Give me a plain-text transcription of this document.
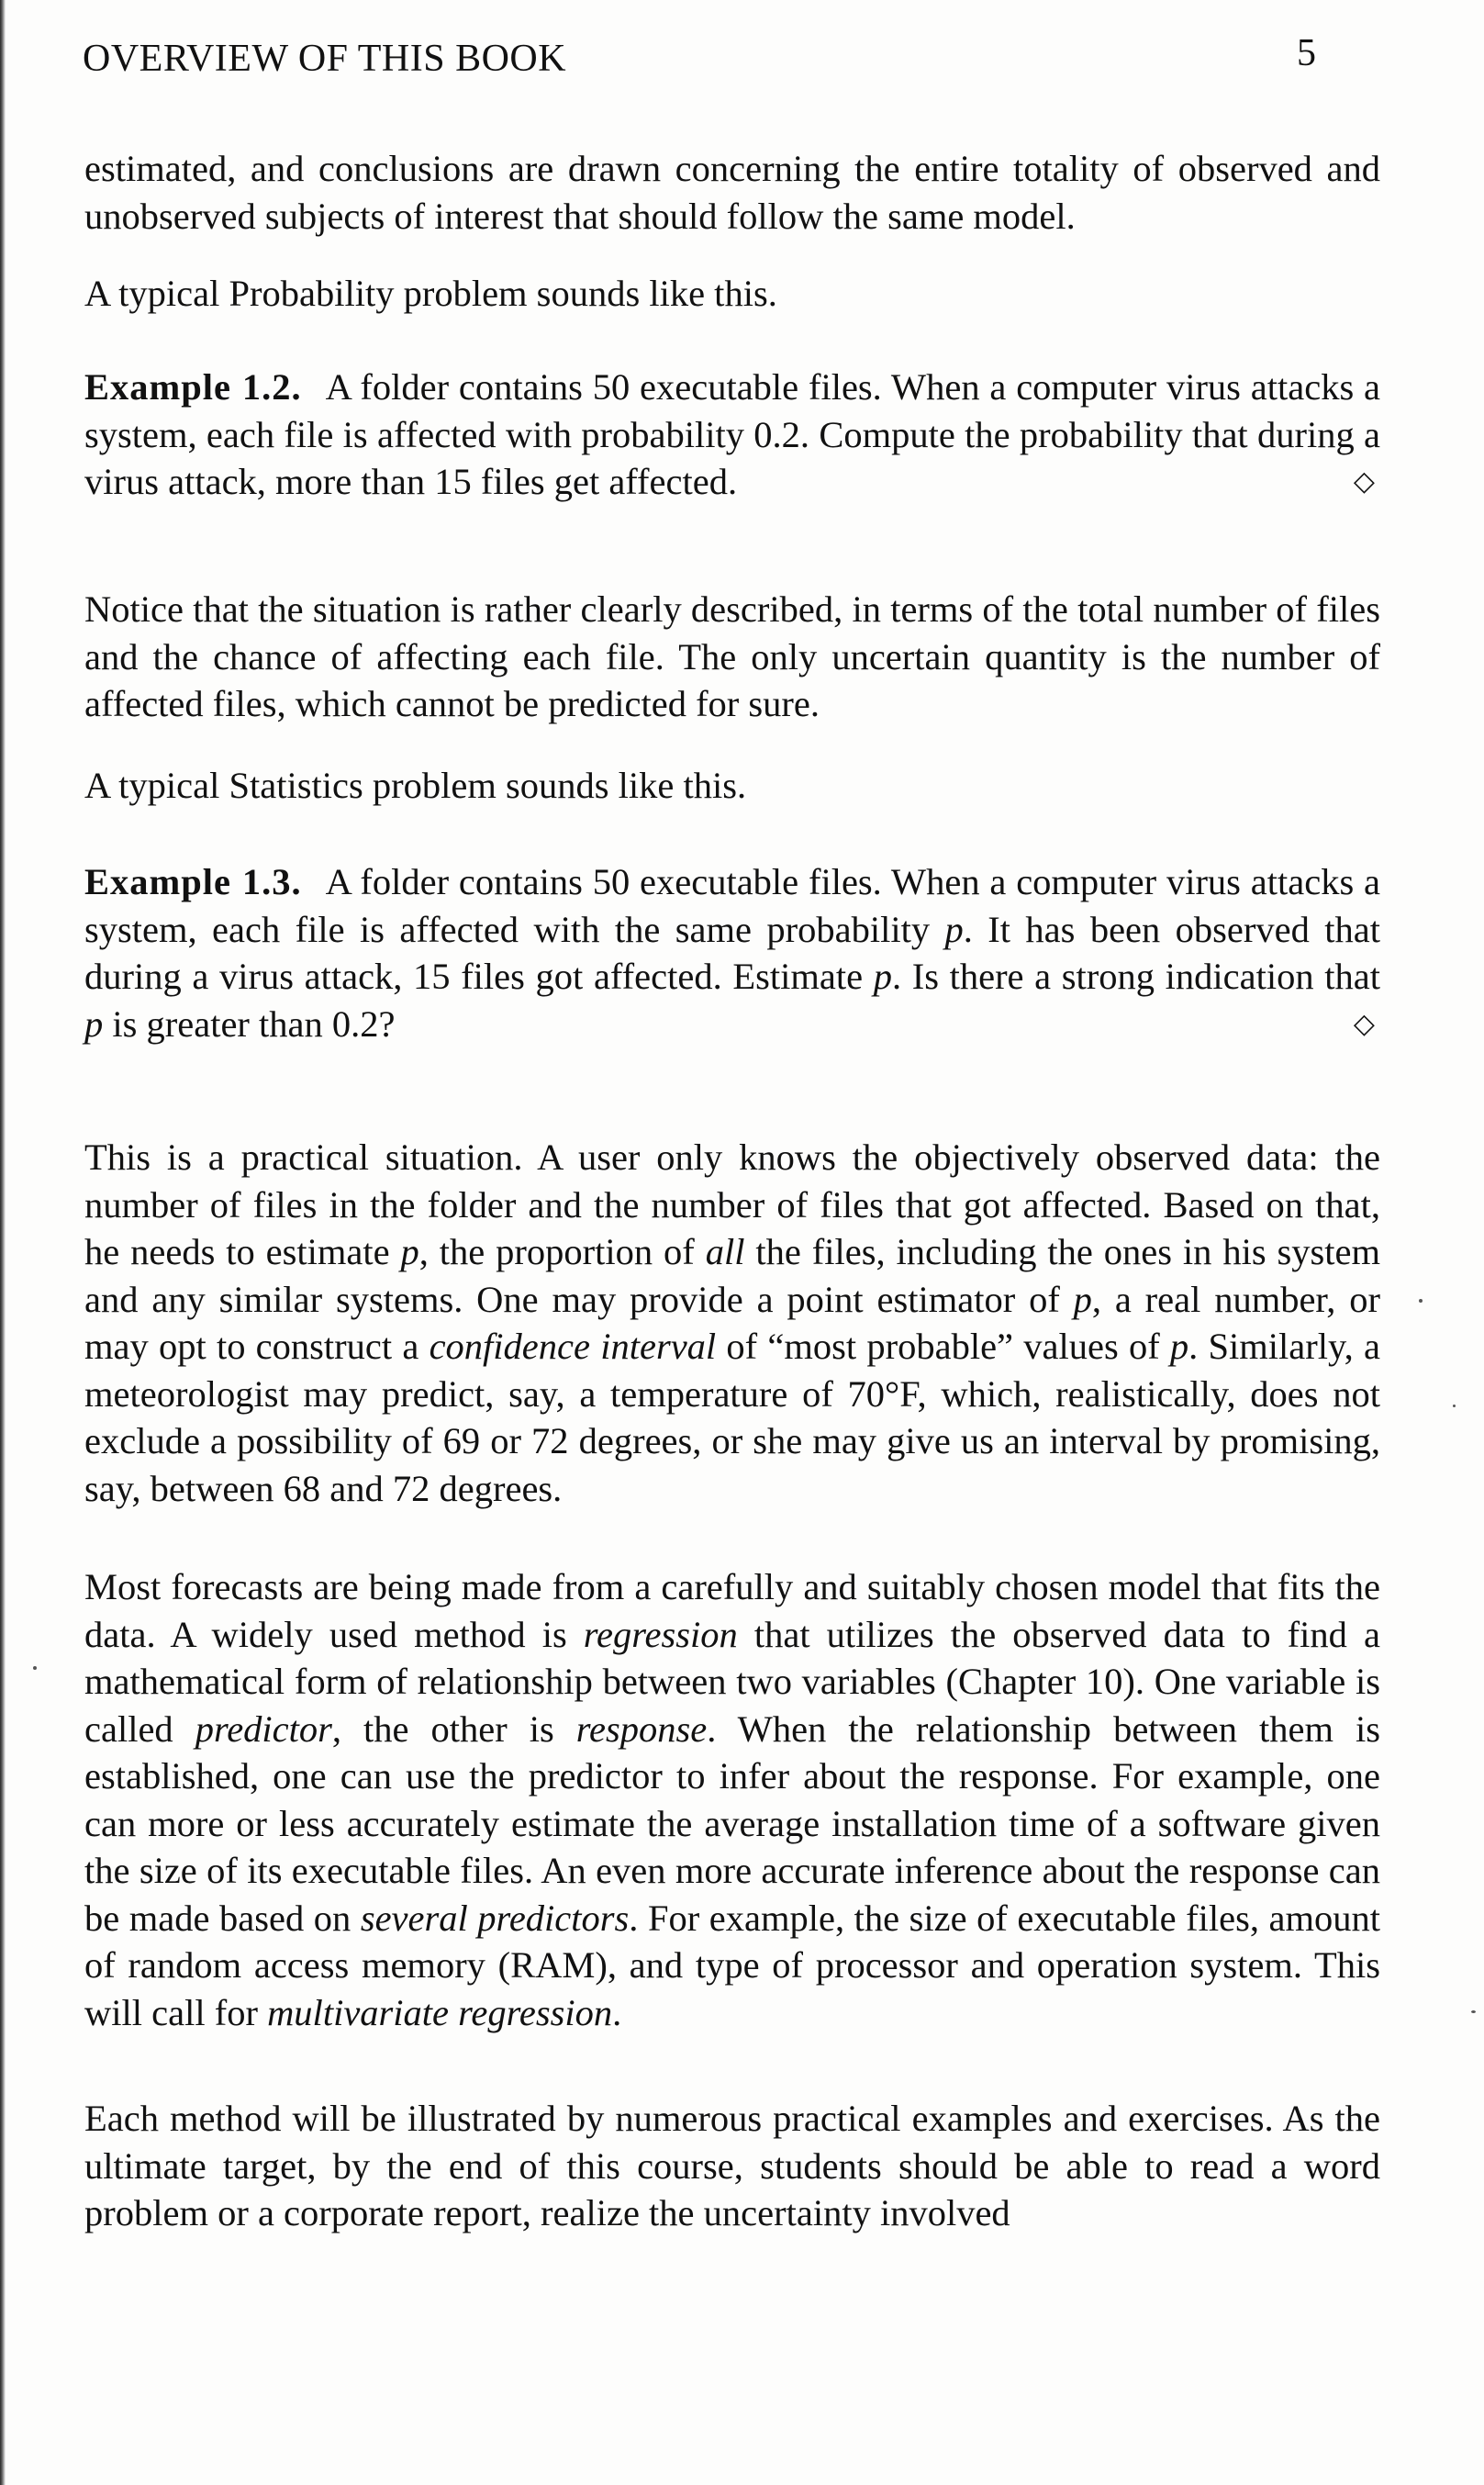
OVERVIEW OF THIS BOOK	5

estimated, and conclusions are drawn concerning the entire totality of observed and unobserved subjects of interest that should follow the same model.

A typical Probability problem sounds like this.

Example 1.2. A folder contains 50 executable files. When a computer virus attacks a system, each file is affected with probability 0.2. Compute the probability that during a virus attack, more than 15 files get affected.	◇

Notice that the situation is rather clearly described, in terms of the total number of files and the chance of affecting each file. The only uncertain quantity is the number of affected files, which cannot be predicted for sure.

A typical Statistics problem sounds like this.

Example 1.3. A folder contains 50 executable files. When a computer virus attacks a system, each file is affected with the same probability p. It has been observed that during a virus attack, 15 files got affected. Estimate p. Is there a strong indication that p is greater than 0.2?	◇

This is a practical situation. A user only knows the objectively observed data: the number of files in the folder and the number of files that got affected. Based on that, he needs to estimate p, the proportion of all the files, including the ones in his system and any similar systems. One may provide a point estimator of p, a real number, or may opt to construct a confidence interval of “most probable” values of p. Similarly, a meteorologist may predict, say, a temperature of 70°F, which, realistically, does not exclude a possibility of 69 or 72 degrees, or she may give us an interval by promising, say, between 68 and 72 degrees.

Most forecasts are being made from a carefully and suitably chosen model that fits the data. A widely used method is regression that utilizes the observed data to find a mathematical form of relationship between two variables (Chapter 10). One variable is called predictor, the other is response. When the relationship between them is established, one can use the predictor to infer about the response. For example, one can more or less accurately estimate the average installation time of a software given the size of its executable files. An even more accurate inference about the response can be made based on several predictors. For example, the size of executable files, amount of random access memory (RAM), and type of processor and operation system. This will call for multivariate regression.

Each method will be illustrated by numerous practical examples and exercises. As the ultimate target, by the end of this course, students should be able to read a word problem or a corporate report, realize the uncertainty involved
